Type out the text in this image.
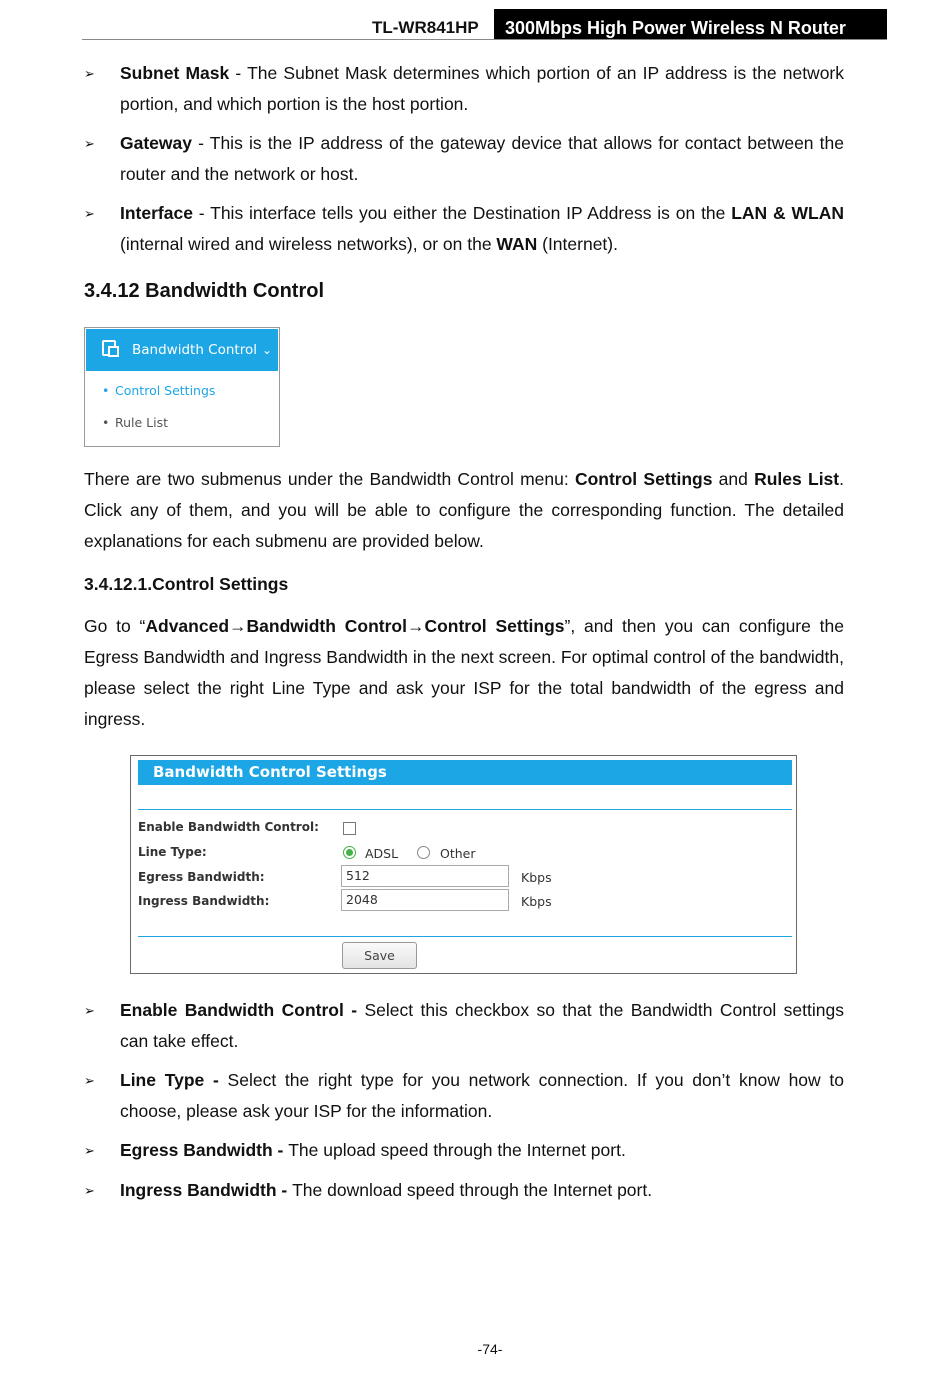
TL-WR841HP	300Mbps High Power Wireless N Router
➢ Subnet Mask - The Subnet Mask determines which portion of an IP address is the network portion, and which portion is the host portion.
➢ Gateway - This is the IP address of the gateway device that allows for contact between the router and the network or host.
➢ Interface - This interface tells you either the Destination IP Address is on the LAN & WLAN (internal wired and wireless networks), or on the WAN (Internet).
3.4.12 Bandwidth Control
Bandwidth Control ⌄
• Control Settings
• Rule List
There are two submenus under the Bandwidth Control menu: Control Settings and Rules List. Click any of them, and you will be able to configure the corresponding function. The detailed explanations for each submenu are provided below.
3.4.12.1.Control Settings
Go to “Advanced→Bandwidth Control→Control Settings”, and then you can configure the Egress Bandwidth and Ingress Bandwidth in the next screen. For optimal control of the bandwidth, please select the right Line Type and ask your ISP for the total bandwidth of the egress and ingress.
Bandwidth Control Settings
Enable Bandwidth Control:
Line Type:	ADSL	Other
Egress Bandwidth:	512	Kbps
Ingress Bandwidth:	2048	Kbps
Save
➢ Enable Bandwidth Control - Select this checkbox so that the Bandwidth Control settings can take effect.
➢ Line Type - Select the right type for you network connection. If you don’t know how to choose, please ask your ISP for the information.
➢ Egress Bandwidth - The upload speed through the Internet port.
➢ Ingress Bandwidth - The download speed through the Internet port.
-74-
